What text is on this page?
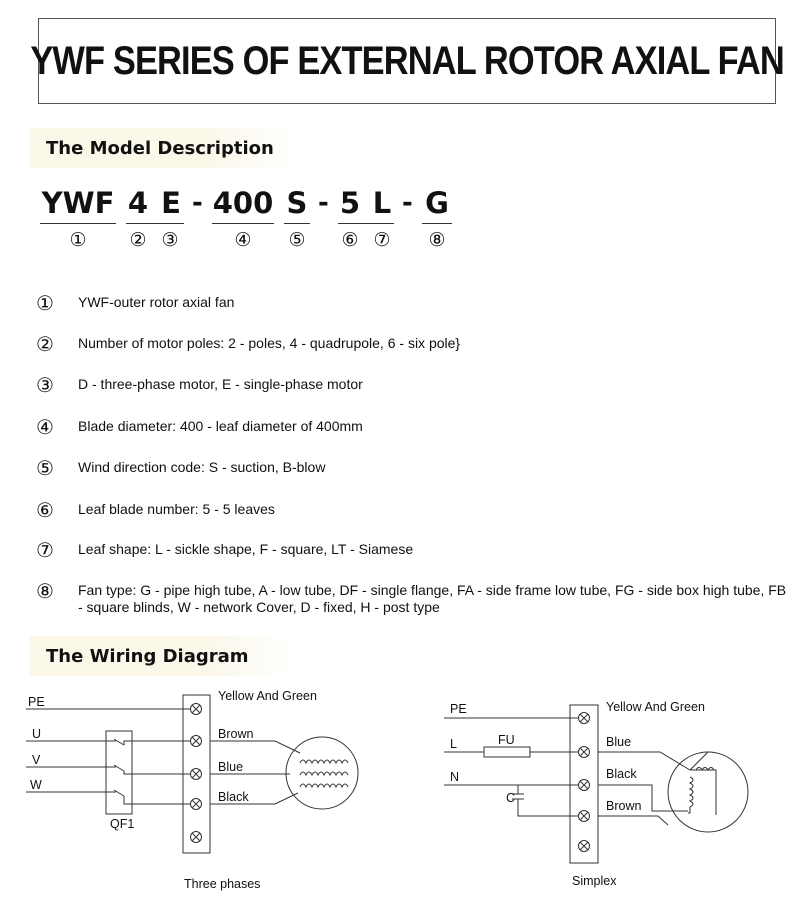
YWF SERIES OF EXTERNAL ROTOR AXIAL FAN
The Model Description
YWF 4 E - 400 S - 5 L - G
① ② ③	④ ⑤ ⑥ ⑦ ⑧
①	YWF-outer rotor axial fan
②	Number of motor poles: 2 - poles, 4 - quadrupole, 6 - six pole}
③	D - three-phase motor, E - single-phase motor
④	Blade diameter: 400 - leaf diameter of 400mm
⑤	Wind direction code: S - suction, B-blow
⑥	Leaf blade number: 5 - 5 leaves
⑦	Leaf shape: L - sickle shape, F - square, LT - Siamese
⑧	Fan type: G - pipe high tube, A - low tube, DF - single flange, FA - side frame low tube, FG - side box high tube, FB - square blinds, W - network Cover, D - fixed, H - post type
The Wiring Diagram
PE
U
V
W
QF1
Yellow And Green
Brown
Blue
Black
Three phases
PE
L
N
FU
C
Yellow And Green
Blue
Black
Brown
Simplex
